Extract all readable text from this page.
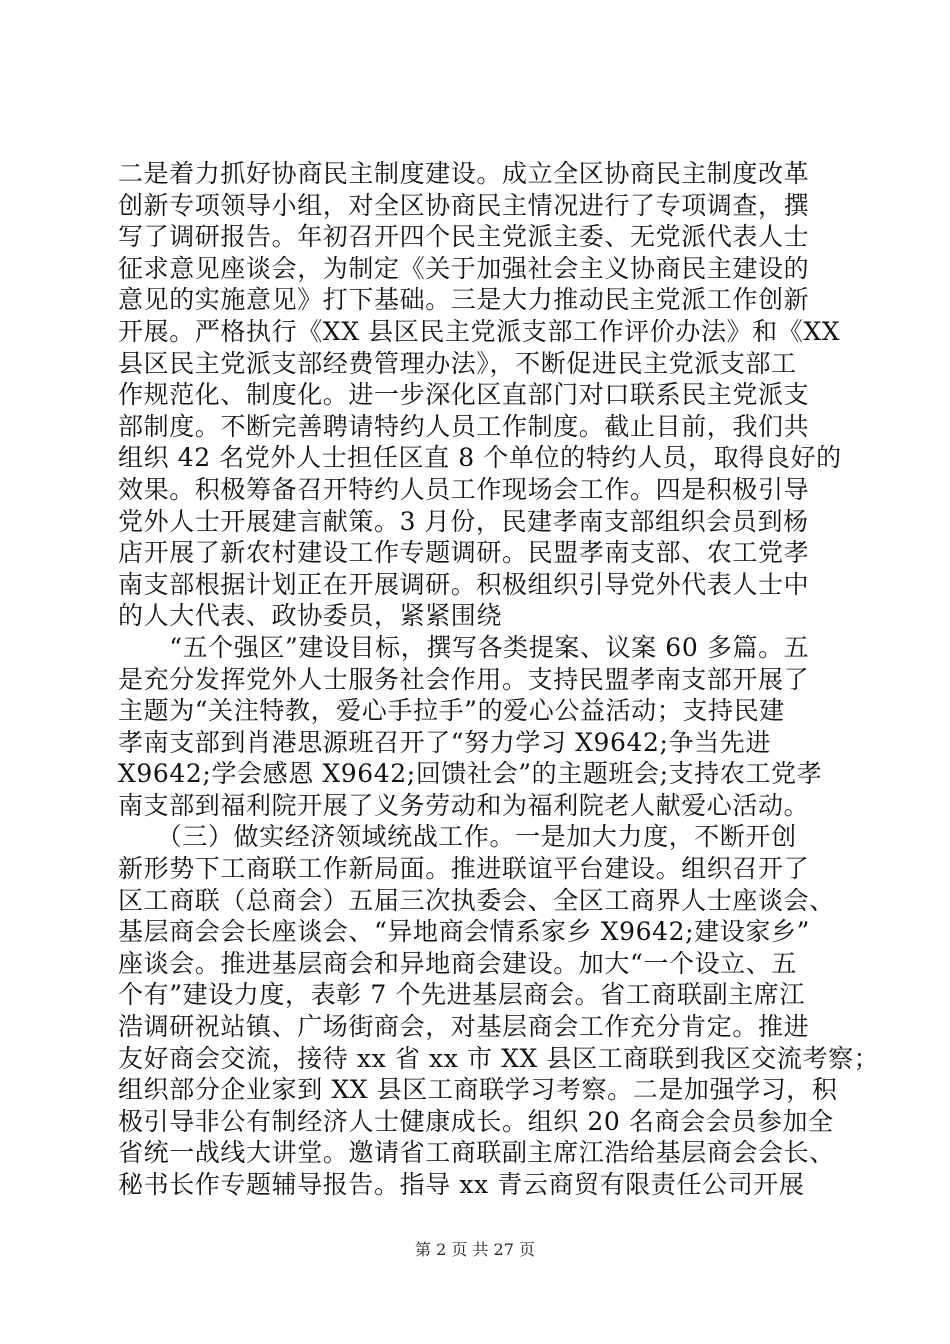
二是着力抓好协商民主制度建设。成立全区协商民主制度改革
创新专项领导小组，对全区协商民主情况进行了专项调查，撰
写了调研报告。年初召开四个民主党派主委、无党派代表人士
征求意见座谈会，为制定《关于加强社会主义协商民主建设的
意见的实施意见》打下基础。三是大力推动民主党派工作创新
开展。严格执行《XX 县区民主党派支部工作评价办法》和《XX
县区民主党派支部经费管理办法》，不断促进民主党派支部工
作规范化、制度化。进一步深化区直部门对口联系民主党派支
部制度。不断完善聘请特约人员工作制度。截止目前，我们共
组织 42 名党外人士担任区直 8 个单位的特约人员，取得良好的
效果。积极筹备召开特约人员工作现场会工作。四是积极引导
党外人士开展建言献策。3 月份，民建孝南支部组织会员到杨
店开展了新农村建设工作专题调研。民盟孝南支部、农工党孝
南支部根据计划正在开展调研。积极组织引导党外代表人士中
的人大代表、政协委员，紧紧围绕
　　“五个强区”建设目标，撰写各类提案、议案 60 多篇。五
是充分发挥党外人士服务社会作用。支持民盟孝南支部开展了
主题为“关注特教，爱心手拉手”的爱心公益活动；支持民建
孝南支部到肖港思源班召开了“努力学习 X9642;争当先进
X9642;学会感恩 X9642;回馈社会”的主题班会;支持农工党孝
南支部到福利院开展了义务劳动和为福利院老人献爱心活动。
　　（三）做实经济领域统战工作。一是加大力度，不断开创
新形势下工商联工作新局面。推进联谊平台建设。组织召开了
区工商联（总商会）五届三次执委会、全区工商界人士座谈会、
基层商会会长座谈会、“异地商会情系家乡 X9642;建设家乡”
座谈会。推进基层商会和异地商会建设。加大“一个设立、五
个有”建设力度，表彰 7 个先进基层商会。省工商联副主席江
浩调研祝站镇、广场街商会，对基层商会工作充分肯定。推进
友好商会交流，接待 xx 省 xx 市 XX 县区工商联到我区交流考察；
组织部分企业家到 XX 县区工商联学习考察。二是加强学习，积
极引导非公有制经济人士健康成长。组织 20 名商会会员参加全
省统一战线大讲堂。邀请省工商联副主席江浩给基层商会会长、
秘书长作专题辅导报告。指导 xx 青云商贸有限责任公司开展
第 2 页 共 27 页
